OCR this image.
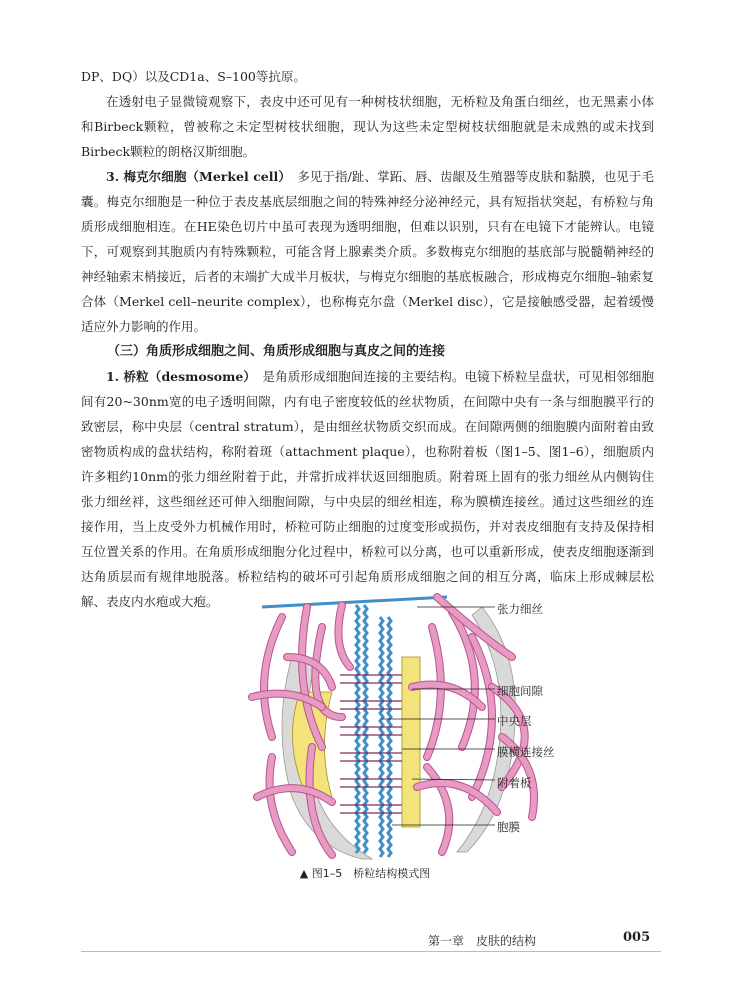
DP、DQ）以及CD1a、S–100等抗原。

在透射电子显微镜观察下，表皮中还可见有一种树枝状细胞，无桥粒及角蛋白细丝，也无黑素小体和Birbeck颗粒，曾被称之未定型树枝状细胞，现认为这些未定型树枝状细胞就是未成熟的或未找到Birbeck颗粒的朗格汉斯细胞。

3. 梅克尔细胞（Merkel cell）　 多见于指/趾、掌跖、唇、齿龈及生殖器等皮肤和黏膜，也见于毛囊。梅克尔细胞是一种位于表皮基底层细胞之间的特殊神经分泌神经元，具有短指状突起，有桥粒与角质形成细胞相连。在HE染色切片中虽可表现为透明细胞，但难以识别，只有在电镜下才能辨认。电镜下，可观察到其胞质内有特殊颗粒，可能含肾上腺素类介质。多数梅克尔细胞的基底部与脱髓鞘神经的神经轴索末梢接近，后者的末端扩大成半月板状，与梅克尔细胞的基底板融合，形成梅克尔细胞–轴索复合体（Merkel cell–neurite complex），也称梅克尔盘（Merkel disc），它是接触感受器，起着缓慢适应外力影响的作用。

（三）角质形成细胞之间、角质形成细胞与真皮之间的连接

1. 桥粒（desmosome）　 是角质形成细胞间连接的主要结构。电镜下桥粒呈盘状，可见相邻细胞间有20~30nm宽的电子透明间隙，内有电子密度较低的丝状物质，在间隙中央有一条与细胞膜平行的致密层，称中央层（central stratum），是由细丝状物质交织而成。在间隙两侧的细胞膜内面附着由致密物质构成的盘状结构，称附着斑（attachment plaque），也称附着板（图1–5、图1–6），细胞质内许多粗约10nm的张力细丝附着于此，并常折成袢状返回细胞质。附着斑上固有的张力细丝从内侧钩住张力细丝袢，这些细丝还可伸入细胞间隙，与中央层的细丝相连，称为膜横连接丝。通过这些细丝的连接作用，当上皮受外力机械作用时，桥粒可防止细胞的过度变形或损伤，并对表皮细胞有支持及保持相互位置关系的作用。在角质形成细胞分化过程中，桥粒可以分离，也可以重新形成，使表皮细胞逐渐到达角质层而有规律地脱落。桥粒结构的破坏可引起角质形成细胞之间的相互分离，临床上形成棘层松解、表皮内水疱或大疱。	张力细丝
细胞间隙
中央层
膜横连接丝
附着板
胞膜
▲ 图1–5　桥粒结构模式图
第一章　皮肤的结构	005
